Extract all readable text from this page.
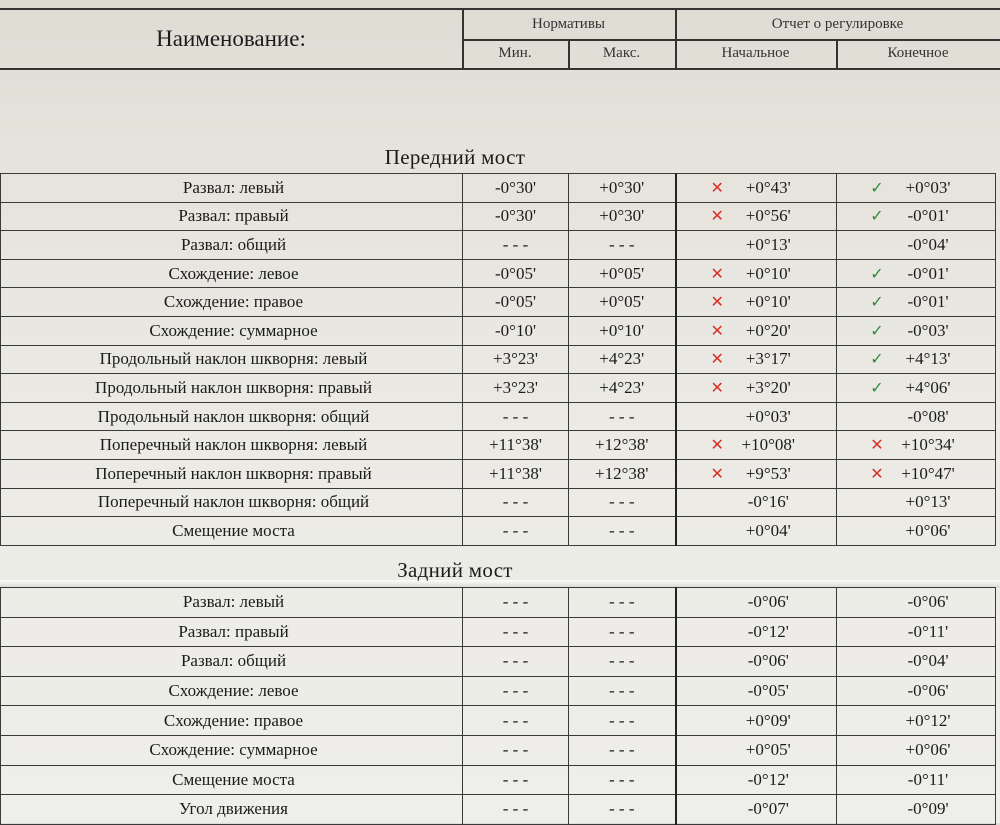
Наименование:
Нормативы	Отчет о регулировке
Мин.	Макс.	Начальное	Конечное
Передний мост
Развал: левый	-0°30'	+0°30'	✕ +0°43'	✓ +0°03'
Развал: правый	-0°30'	+0°30'	✕ +0°56'	✓ -0°01'
Развал: общий	- - -	- - -	+0°13'	-0°04'
Схождение: левое	-0°05'	+0°05'	✕ +0°10'	✓ -0°01'
Схождение: правое	-0°05'	+0°05'	✕ +0°10'	✓ -0°01'
Схождение: суммарное	-0°10'	+0°10'	✕ +0°20'	✓ -0°03'
Продольный наклон шкворня: левый	+3°23'	+4°23'	✕ +3°17'	✓ +4°13'
Продольный наклон шкворня: правый	+3°23'	+4°23'	✕ +3°20'	✓ +4°06'
Продольный наклон шкворня: общий	- - -	- - -	+0°03'	-0°08'
Поперечный наклон шкворня: левый	+11°38'	+12°38'	✕ +10°08'	✕ +10°34'
Поперечный наклон шкворня: правый	+11°38'	+12°38'	✕ +9°53'	✕ +10°47'
Поперечный наклон шкворня: общий	- - -	- - -	-0°16'	+0°13'
Смещение моста	- - -	- - -	+0°04'	+0°06'
Задний мост
Развал: левый	- - -	- - -	-0°06'	-0°06'
Развал: правый	- - -	- - -	-0°12'	-0°11'
Развал: общий	- - -	- - -	-0°06'	-0°04'
Схождение: левое	- - -	- - -	-0°05'	-0°06'
Схождение: правое	- - -	- - -	+0°09'	+0°12'
Схождение: суммарное	- - -	- - -	+0°05'	+0°06'
Смещение моста	- - -	- - -	-0°12'	-0°11'
Угол движения	- - -	- - -	-0°07'	-0°09'
